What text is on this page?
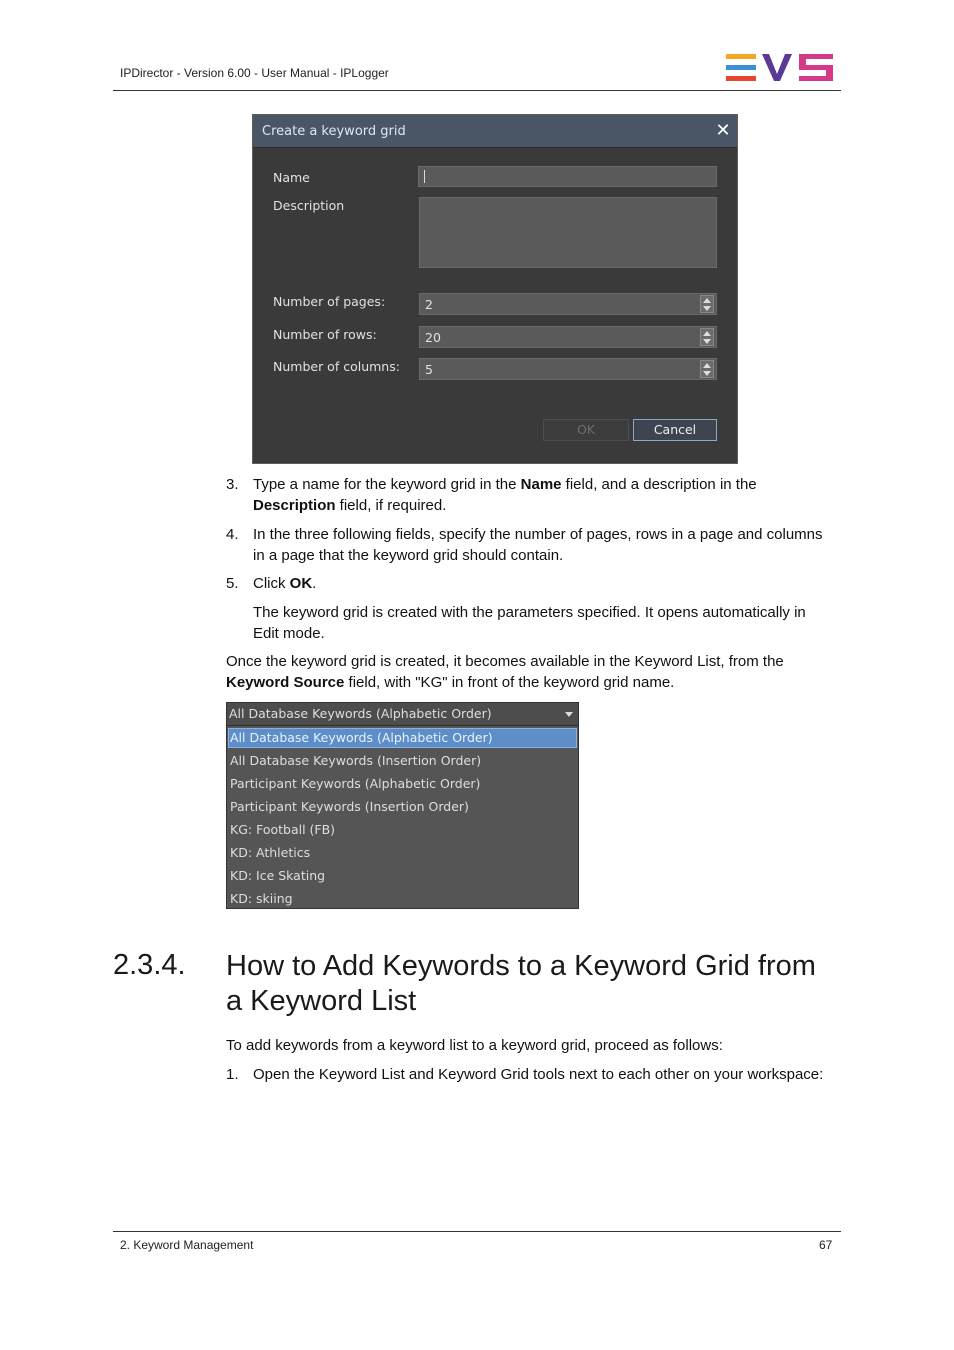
IPDirector - Version 6.00 - User Manual - IPLogger
Create a keyword grid	✕
Name
Description
Number of pages:	2
Number of rows:	20
Number of columns: 5
OK	Cancel
3. Type a name for the keyword grid in the Name field, and a description in the
Description field, if required.
4. In the three following fields, specify the number of pages, rows in a page and columns
in a page that the keyword grid should contain.
5. Click OK.
The keyword grid is created with the parameters specified. It opens automatically in
Edit mode.
Once the keyword grid is created, it becomes available in the Keyword List, from the
Keyword Source field, with "KG" in front of the keyword grid name.
All Database Keywords (Alphabetic Order)
All Database Keywords (Alphabetic Order)
All Database Keywords (Insertion Order)
Participant Keywords (Alphabetic Order)
Participant Keywords (Insertion Order)
KG: Football (FB)
KD: Athletics
KD: Ice Skating
KD: skiing
2.3.4. How to Add Keywords to a Keyword Grid from
a Keyword List
To add keywords from a keyword list to a keyword grid, proceed as follows:
1. Open the Keyword List and Keyword Grid tools next to each other on your workspace:
2. Keyword Management	67
